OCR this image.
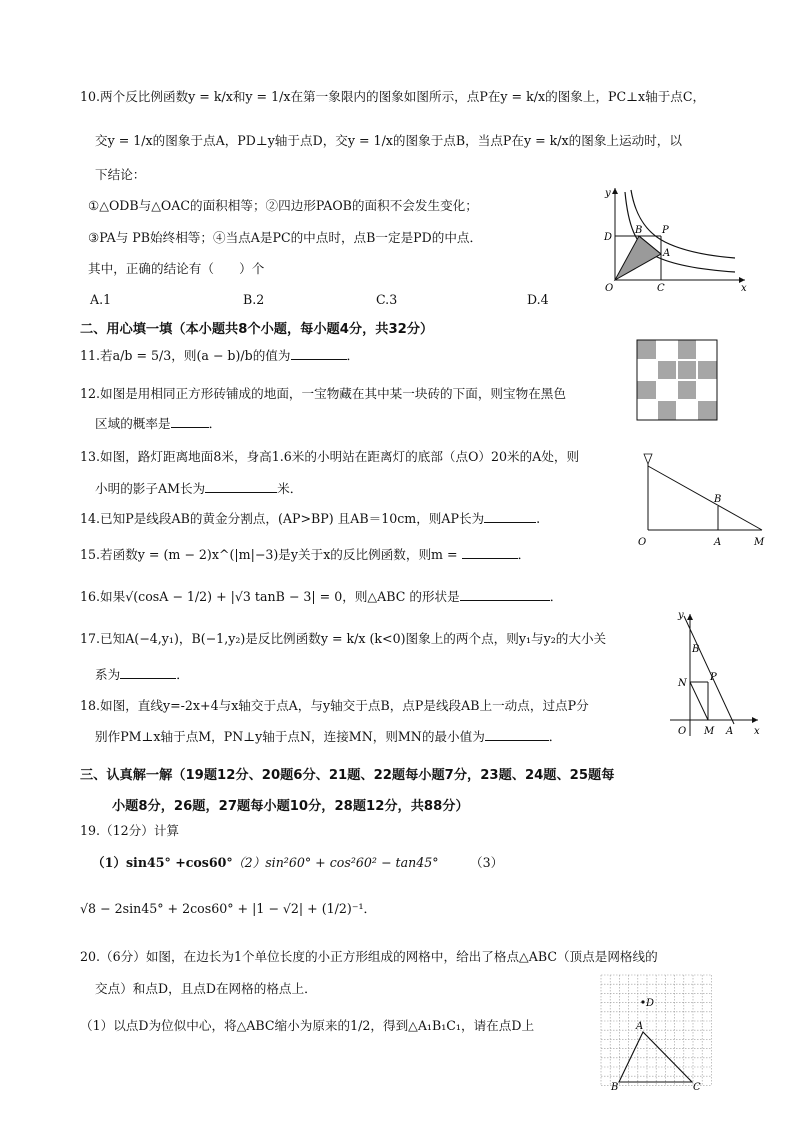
10.两个反比例函数y = k/x和y = 1/x在第一象限内的图象如图所示，点P在y = k/x的图象上，PC⊥x轴于点C，
交y = 1/x的图象于点A，PD⊥y轴于点D，交y = 1/x的图象于点B，当点P在y = k/x的图象上运动时，以
下结论：
①△ODB与△OAC的面积相等；②四边形PAOB的面积不会发生变化；
③PA与 PB始终相等；④当点A是PC的中点时，点B一定是PD的中点．
其中，正确的结论有（　　）个
A.1	B.2	C.3	D.4
y
x
O	C
D
B P
A
二、用心填一填（本小题共8个小题，每小题4分，共32分）
11.若a/b = 5/3，则(a − b)/b的值为	．
12.如图是用相同正方形砖铺成的地面，一宝物藏在其中某一块砖的下面，则宝物在黑色
区域的概率是	．
13.如图，路灯距离地面8米，身高1.6米的小明站在距离灯的底部（点O）20米的A处，则
小明的影子AM长为	米．
O	A	M
B
14.已知P是线段AB的黄金分割点，(AP>BP) 且AB＝10cm，则AP长为	.
15.若函数y = (m − 2)x^(|m|−3)是y关于x的反比例函数，则m =	．
16.如果√(cosA − 1/2) + |√3 tanB − 3| = 0，则△ABC 的形状是	．
17.已知A(−4,y₁)，B(−1,y₂)是反比例函数y = k/x (k<0)图象上的两个点，则y₁与y₂的大小关
系为	．
18.如图，直线y=-2x+4与x轴交于点A，与y轴交于点B，点P是线段AB上一动点，过点P分
别作PM⊥x轴于点M，PN⊥y轴于点N，连接MN，则MN的最小值为	．
y
x
B
N
P
O M A
三、认真解一解（19题12分、20题6分、21题、22题每小题7分，23题、24题、25题每
小题8分，26题，27题每小题10分，28题12分，共88分）
19.（12分）计算
（1）sin45° +cos60° （2）sin²60° + cos²60² − tan45° （3）
√8 − 2sin45° + 2cos60° + |1 − √2| + (1/2)⁻¹．
20.（6分）如图，在边长为1个单位长度的小正方形组成的网格中，给出了格点△ABC（顶点是网格线的
交点）和点D，且点D在网格的格点上．
（1）以点D为位似中心，将△ABC缩小为原来的1/2，得到△A₁B₁C₁，请在点D上
D
A
B	C
